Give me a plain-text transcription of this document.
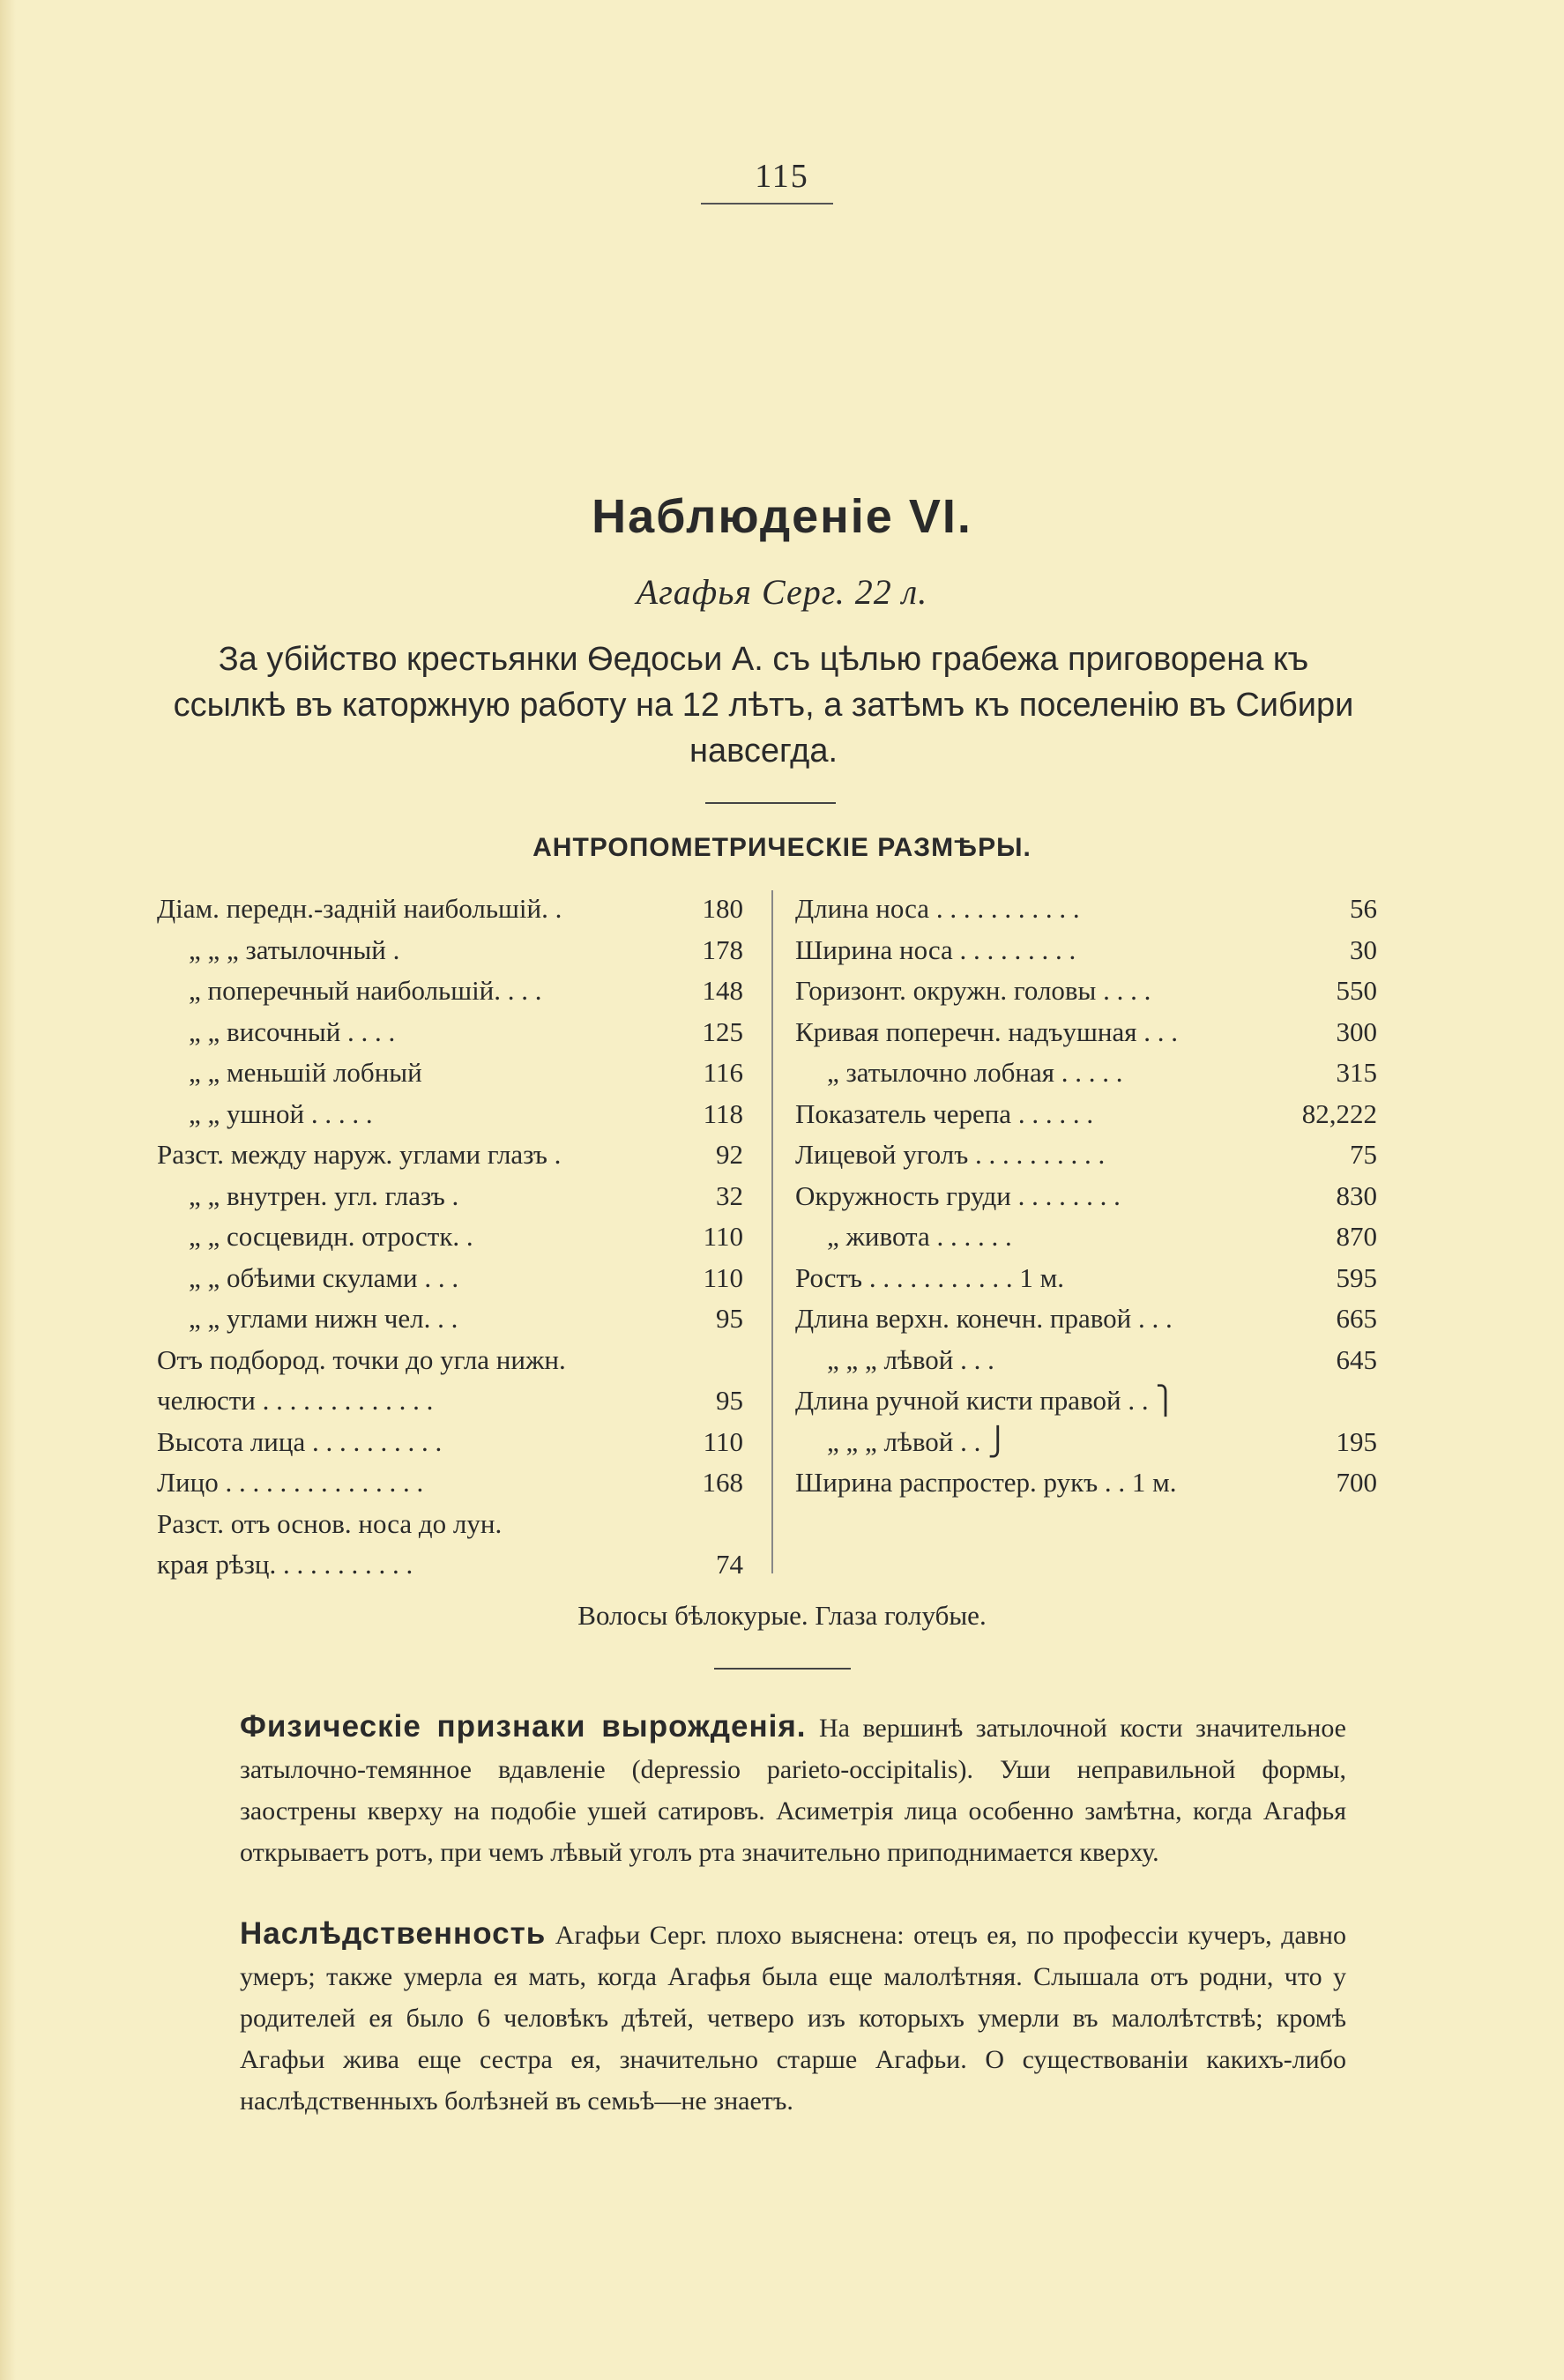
115
Наблюденіе VI.
Агафья Серг. 22 л.
За убійство крестьянки Ѳедосьи А. съ цѣлью грабежа приговорена къ ссылкѣ въ каторжную работу на 12 лѣтъ, а затѣмъ къ поселенію въ Сибири навсегда.
АНТРОПОМЕТРИЧЕСКІЕ РАЗМѢРЫ.
Діам. передн.-задній наибольшій. .	180
„ „ „ затылочный .	178
„ поперечный наибольшій. . . .	148
„ „ височный . . . .	125
„ „ меньшій лобный	116
„ „ ушной . . . . .	118
Разст. между наруж. углами глазъ .	92
„ „ внутрен. угл. глазъ .	32
„ „ сосцевидн. отростк. .	110
„ „ обѣими скулами . . .	110
„ „ углами нижн чел. . .	95
Отъ подбород. точки до угла нижн.
челюсти . . . . . . . . . . . . .	95
Высота лица . . . . . . . . . .	110
Лицо . . . . . . . . . . . . . . .	168
Разст. отъ основ. носа до лун.
края рѣзц. . . . . . . . . . .	74
Длина носа . . . . . . . . . . .	56
Ширина носа . . . . . . . . .	30
Горизонт. окружн. головы . . . .	550
Кривая поперечн. надъушная . . .	300
„ затылочно лобная . . . . .	315
Показатель черепа . . . . . .	82,222
Лицевой уголъ . . . . . . . . . .	75
Окружность груди . . . . . . . .	830
„ живота . . . . . .	870
Ростъ . . . . . . . . . . . 1 м.	595
Длина верхн. конечн. правой . . .	665
„ „ „ лѣвой . . .	645
Длина ручной кисти правой . . ⎫
„ „ „ лѣвой . . ⎭	195
Ширина распростер. рукъ . . 1 м.	700
Волосы бѣлокурые. Глаза голубые.
Физическіе признаки вырожденія. На вершинѣ затылочной кости значительное затылочно-темянное вдавленіе (depressio parieto-occipitalis). Уши неправильной формы, заострены кверху на подобіе ушей сатировъ. Асиметрія лица особенно замѣтна, когда Агафья открываетъ ротъ, при чемъ лѣвый уголъ рта значительно приподнимается кверху.
Наслѣдственность Агафьи Серг. плохо выяснена: отецъ ея, по профессіи кучеръ, давно умеръ; также умерла ея мать, когда Агафья была еще малолѣтняя. Слышала отъ родни, что у родителей ея было 6 человѣкъ дѣтей, четверо изъ которыхъ умерли въ малолѣтствѣ; кромѣ Агафьи жива еще сестра ея, значительно старше Агафьи. О существованіи какихъ-либо наслѣдственныхъ болѣзней въ семьѣ—не знаетъ.
